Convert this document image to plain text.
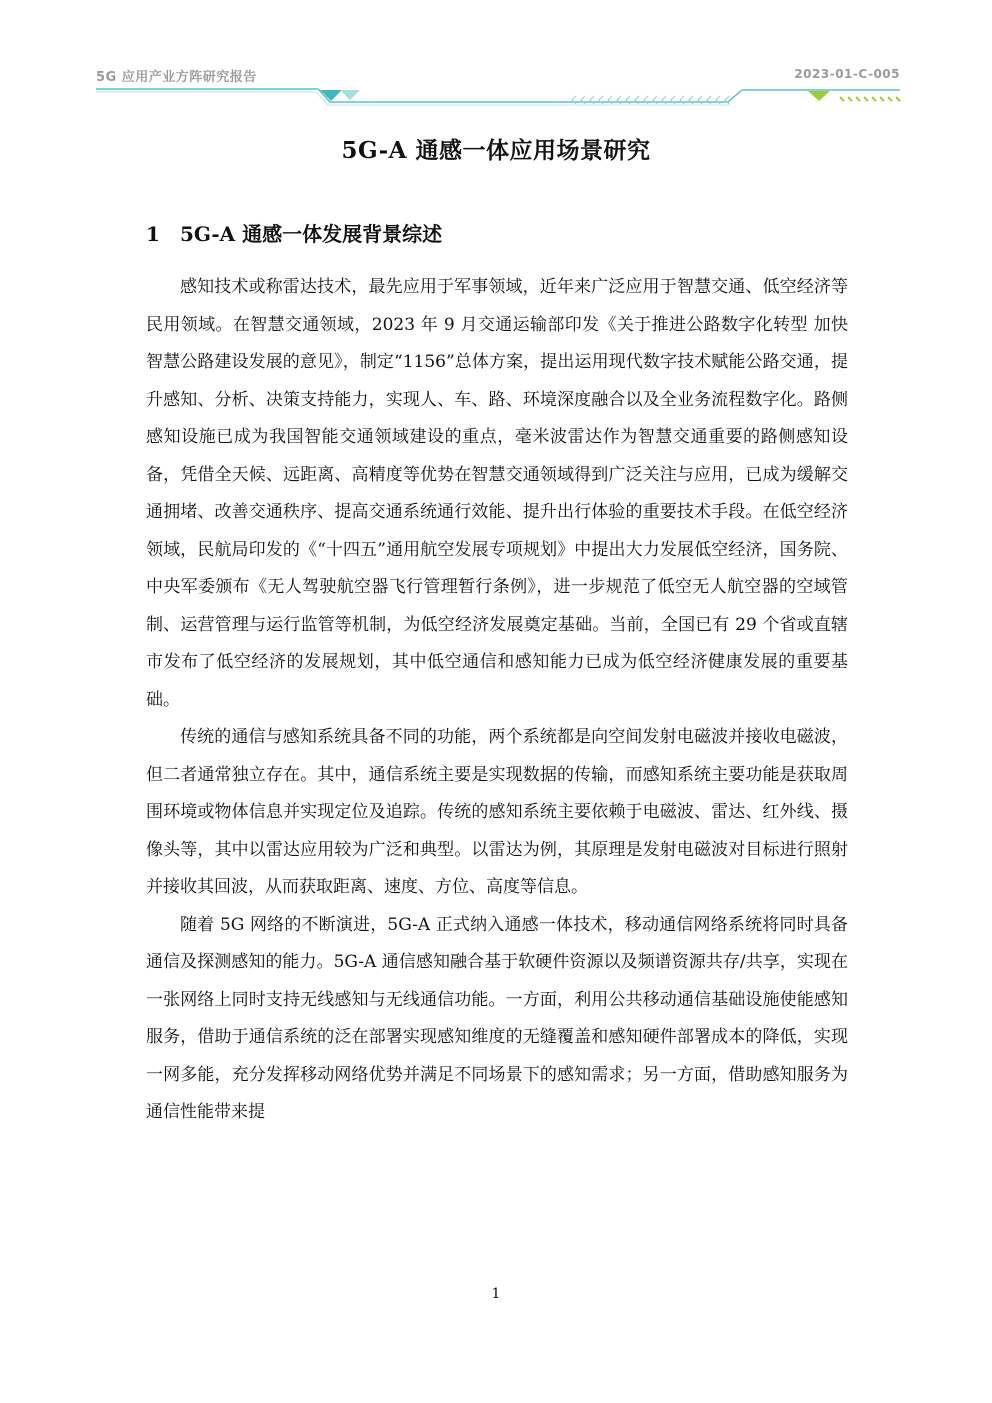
5G 应用产业方阵研究报告	2023-01-C-005
5G-A 通感一体应用场景研究
1 5G-A 通感一体发展背景综述

感知技术或称雷达技术，最先应用于军事领域，近年来广泛应用于智慧交通、低空经济等民用领域。在智慧交通领域，2023 年 9 月交通运输部印发《关于推进公路数字化转型 加快智慧公路建设发展的意见》，制定“1156”总体方案，提出运用现代数字技术赋能公路交通，提升感知、分析、决策支持能力，实现人、车、路、环境深度融合以及全业务流程数字化。路侧感知设施已成为我国智能交通领域建设的重点，毫米波雷达作为智慧交通重要的路侧感知设备，凭借全天候、远距离、高精度等优势在智慧交通领域得到广泛关注与应用，已成为缓解交通拥堵、改善交通秩序、提高交通系统通行效能、提升出行体验的重要技术手段。在低空经济领域，民航局印发的《“十四五”通用航空发展专项规划》中提出大力发展低空经济，国务院、中央军委颁布《无人驾驶航空器飞行管理暂行条例》，进一步规范了低空无人航空器的空域管制、运营管理与运行监管等机制，为低空经济发展奠定基础。当前，全国已有 29 个省或直辖市发布了低空经济的发展规划，其中低空通信和感知能力已成为低空经济健康发展的重要基础。

传统的通信与感知系统具备不同的功能，两个系统都是向空间发射电磁波并接收电磁波，但二者通常独立存在。其中，通信系统主要是实现数据的传输，而感知系统主要功能是获取周围环境或物体信息并实现定位及追踪。传统的感知系统主要依赖于电磁波、雷达、红外线、摄像头等，其中以雷达应用较为广泛和典型。以雷达为例，其原理是发射电磁波对目标进行照射并接收其回波，从而获取距离、速度、方位、高度等信息。

随着 5G 网络的不断演进，5G-A 正式纳入通感一体技术，移动通信网络系统将同时具备通信及探测感知的能力。5G-A 通信感知融合基于软硬件资源以及频谱资源共存/共享，实现在一张网络上同时支持无线感知与无线通信功能。一方面，利用公共移动通信基础设施使能感知服务，借助于通信系统的泛在部署实现感知维度的无缝覆盖和感知硬件部署成本的降低，实现一网多能，充分发挥移动网络优势并满足不同场景下的感知需求；另一方面，借助感知服务为通信性能带来提

1
